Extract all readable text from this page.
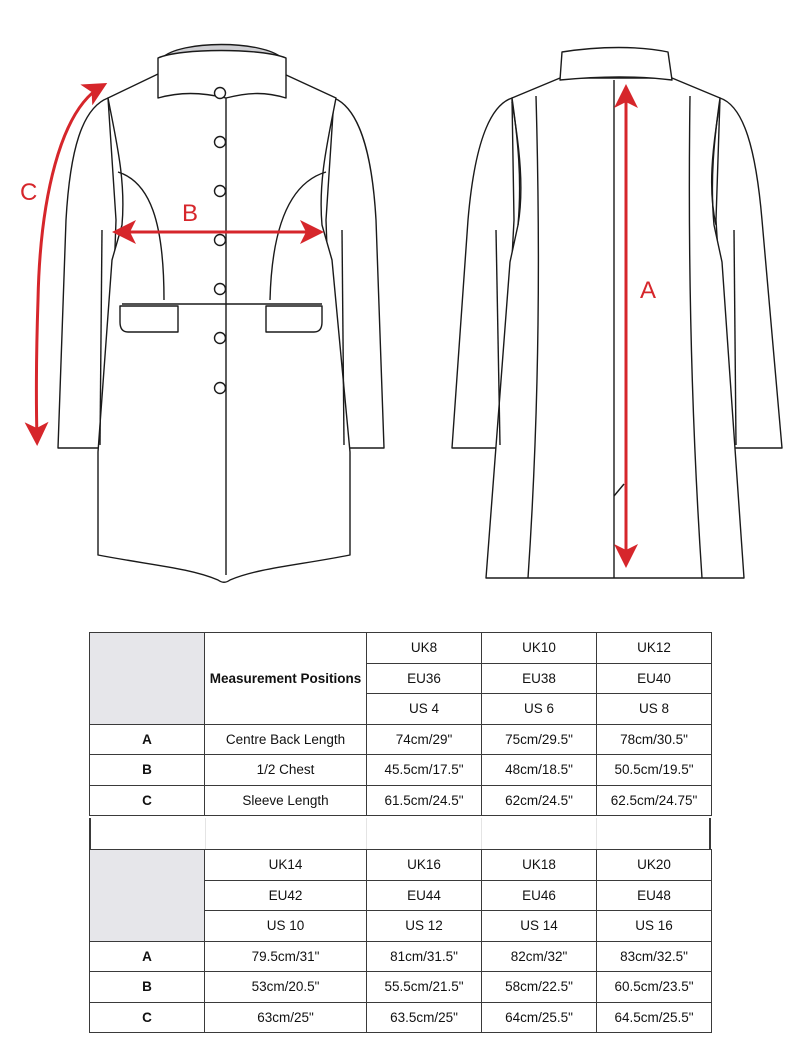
C
B
A
	Measurement Positions	UK8	UK10	UK12
		EU36	EU38	EU40
		US 4	US 6	US 8
A	Centre Back Length	74cm/29"	75cm/29.5"	78cm/30.5"
B	1/2 Chest	45.5cm/17.5"	48cm/18.5"	50.5cm/19.5"
C	Sleeve Length	61.5cm/24.5"	62cm/24.5"	62.5cm/24.75"
	UK14	UK16	UK18	UK20
	EU42	EU44	EU46	EU48
	US 10	US 12	US 14	US 16
A	79.5cm/31"	81cm/31.5"	82cm/32"	83cm/32.5"
B	53cm/20.5"	55.5cm/21.5"	58cm/22.5"	60.5cm/23.5"
C	63cm/25"	63.5cm/25"	64cm/25.5"	64.5cm/25.5"
